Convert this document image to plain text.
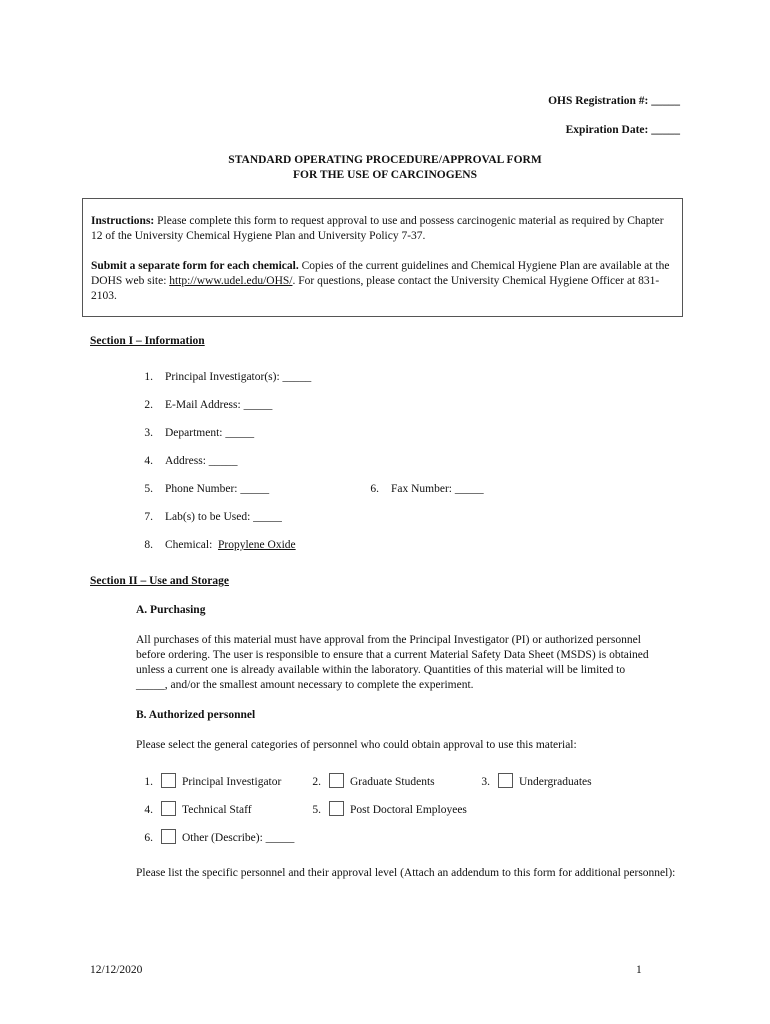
OHS Registration #: _____
Expiration Date: _____
STANDARD OPERATING PROCEDURE/APPROVAL FORM
FOR THE USE OF CARCINOGENS

Instructions: Please complete this form to request approval to use and possess carcinogenic material as required by Chapter 12 of the University Chemical Hygiene Plan and University Policy 7-37.

Submit a separate form for each chemical. Copies of the current guidelines and Chemical Hygiene Plan are available at the DOHS web site: http://www.udel.edu/OHS/. For questions, please contact the University Chemical Hygiene Officer at 831-2103.

Section I – Information
1. Principal Investigator(s): _____
2. E-Mail Address: _____
3. Department: _____
4. Address: _____
5. Phone Number: _____	6. Fax Number: _____
7. Lab(s) to be Used: _____
8. Chemical:  Propylene Oxide
Section II – Use and Storage
A. Purchasing
All purchases of this material must have approval from the Principal Investigator (PI) or authorized personnel before ordering. The user is responsible to ensure that a current Material Safety Data Sheet (MSDS) is obtained unless a current one is already available within the laboratory. Quantities of this material will be limited to _____, and/or the smallest amount necessary to complete the experiment.
B. Authorized personnel
Please select the general categories of personnel who could obtain approval to use this material:
1.	Principal Investigator	2.	Graduate Students	3.	Undergraduates
4.	Technical Staff	5.	Post Doctoral Employees
6.	Other (Describe): _____
Please list the specific personnel and their approval level (Attach an addendum to this form for additional personnel):
12/12/2020	1
